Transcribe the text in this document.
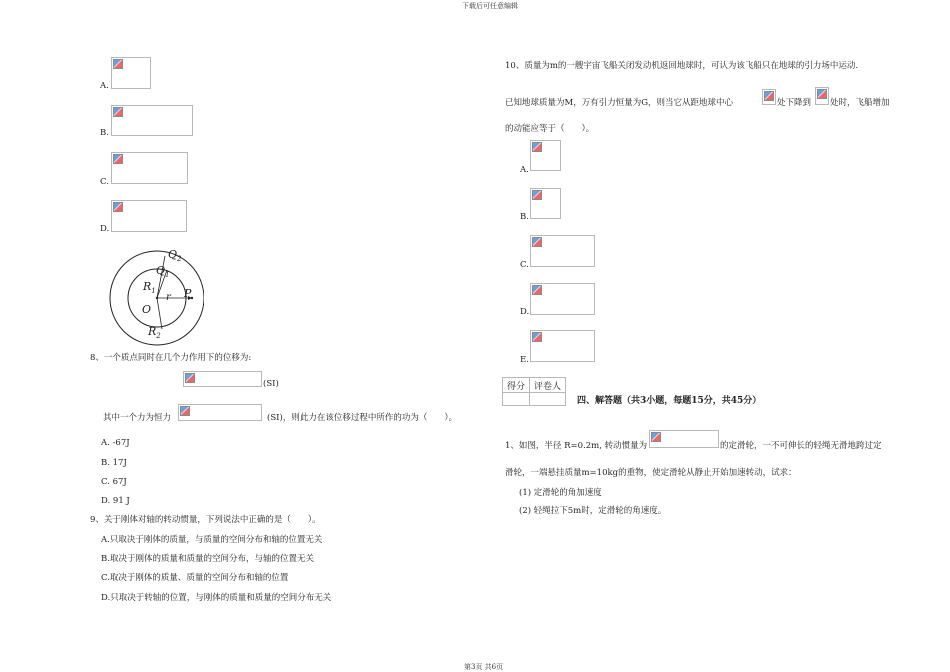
下载后可任意编辑
A.
B.
C.
D.
$Q_2$
$Q_1$
$R_1$
r P
O
$R_2$
8、一个质点同时在几个力作用下的位移为:
(SI)
其中一个力为恒力	(SI)，则此力在该位移过程中所作的功为（　　）。
A. -67J
B. 17J
C. 67J
D. 91 J
9、关于刚体对轴的转动惯量，下列说法中正确的是（　　）。
A.只取决于刚体的质量，与质量的空间分布和轴的位置无关
B.取决于刚体的质量和质量的空间分布，与轴的位置无关
C.取决于刚体的质量、质量的空间分布和轴的位置
D.只取决于转轴的位置，与刚体的质量和质量的空间分布无关
10、质量为m的一艘宇宙飞船关闭发动机返回地球时，可认为该飞船只在地球的引力场中运动.
已知地球质量为M，万有引力恒量为G，则当它从距地球中心	处下降到 处时，飞船增加
的动能应等于（　　）。
A.
B.
C.
D.
E.
得分	评卷人

四、解答题（共3小题，每题15分，共45分）
1、如图，半径 R=0.2m, 转动惯量为	的定滑轮，一不可伸长的轻绳无滑地跨过定
滑轮，一端悬挂质量m=10kg的重物，使定滑轮从静止开始加速转动，试求：
(1) 定滑轮的角加速度
(2) 轻绳拉下5m时，定滑轮的角速度。
第3页 共6页
